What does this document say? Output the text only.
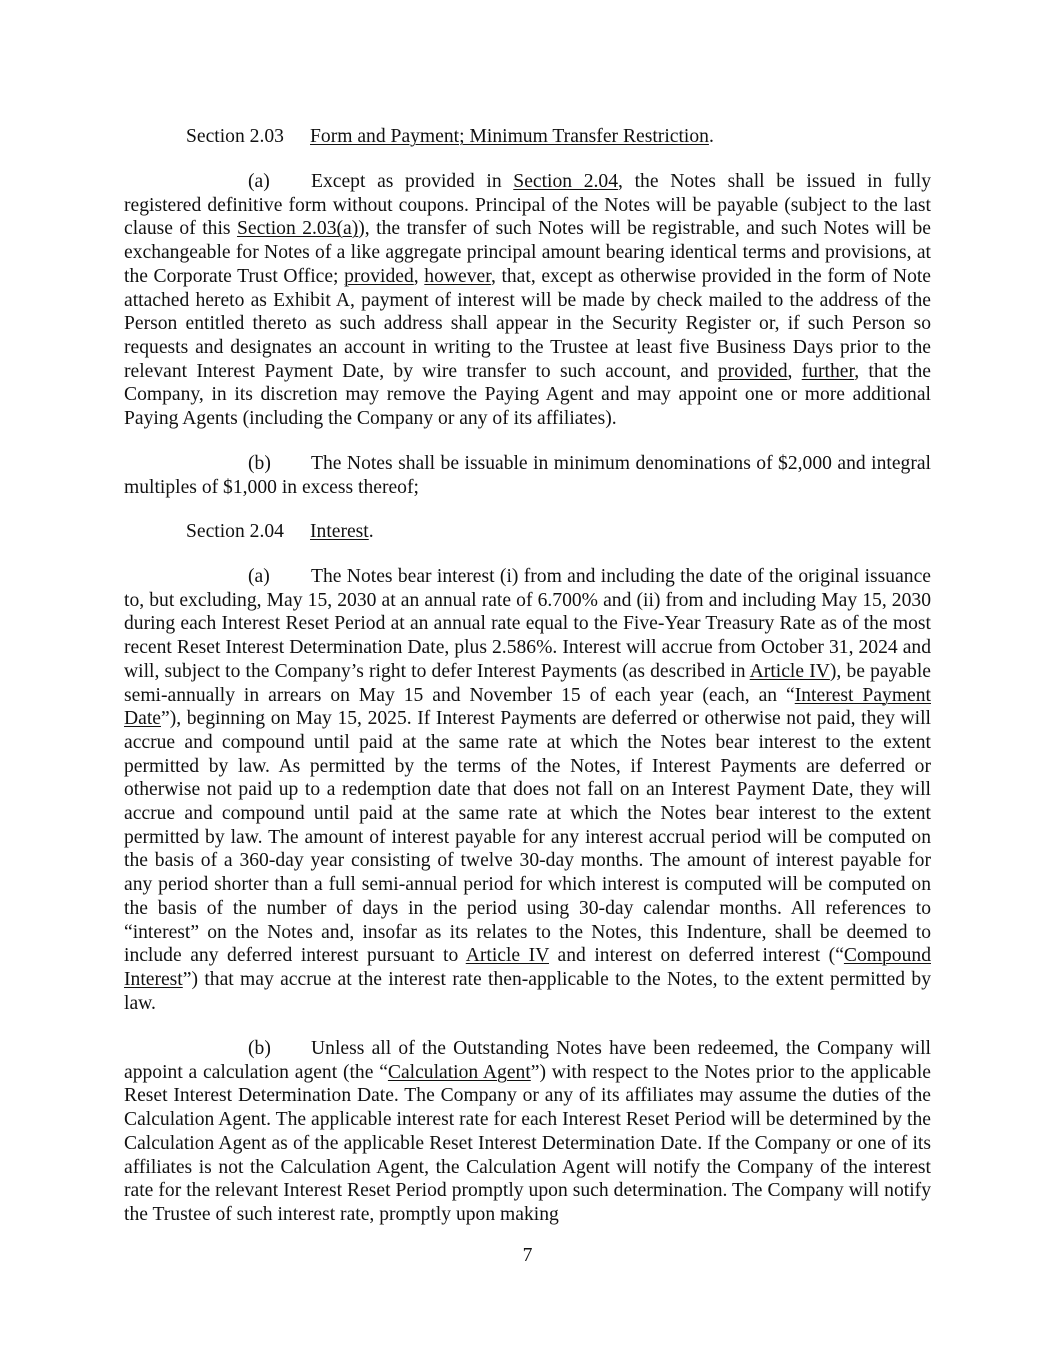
Section 2.03 Form and Payment; Minimum Transfer Restriction.

(a) Except as provided in Section 2.04, the Notes shall be issued in fully registered definitive form without coupons. Principal of the Notes will be payable (subject to the last clause of this Section 2.03(a)), the transfer of such Notes will be registrable, and such Notes will be exchangeable for Notes of a like aggregate principal amount bearing identical terms and provisions, at the Corporate Trust Office; provided, however, that, except as otherwise provided in the form of Note attached hereto as Exhibit A, payment of interest will be made by check mailed to the address of the Person entitled thereto as such address shall appear in the Security Register or, if such Person so requests and designates an account in writing to the Trustee at least five Business Days prior to the relevant Interest Payment Date, by wire transfer to such account, and provided, further, that the Company, in its discretion may remove the Paying Agent and may appoint one or more additional Paying Agents (including the Company or any of its affiliates).

(b) The Notes shall be issuable in minimum denominations of $2,000 and integral multiples of $1,000 in excess thereof;

Section 2.04 Interest.

(a) The Notes bear interest (i) from and including the date of the original issuance to, but excluding, May 15, 2030 at an annual rate of 6.700% and (ii) from and including May 15, 2030 during each Interest Reset Period at an annual rate equal to the Five-Year Treasury Rate as of the most recent Reset Interest Determination Date, plus 2.586%. Interest will accrue from October 31, 2024 and will, subject to the Company’s right to defer Interest Payments (as described in Article IV), be payable semi-annually in arrears on May 15 and November 15 of each year (each, an “Interest Payment Date”), beginning on May 15, 2025. If Interest Payments are deferred or otherwise not paid, they will accrue and compound until paid at the same rate at which the Notes bear interest to the extent permitted by law. As permitted by the terms of the Notes, if Interest Payments are deferred or otherwise not paid up to a redemption date that does not fall on an Interest Payment Date, they will accrue and compound until paid at the same rate at which the Notes bear interest to the extent permitted by law. The amount of interest payable for any interest accrual period will be computed on the basis of a 360-day year consisting of twelve 30-day months. The amount of interest payable for any period shorter than a full semi-annual period for which interest is computed will be computed on the basis of the number of days in the period using 30-day calendar months. All references to “interest” on the Notes and, insofar as its relates to the Notes, this Indenture, shall be deemed to include any deferred interest pursuant to Article IV and interest on deferred interest (“Compound Interest”) that may accrue at the interest rate then-applicable to the Notes, to the extent permitted by law.

(b) Unless all of the Outstanding Notes have been redeemed, the Company will appoint a calculation agent (the “Calculation Agent”) with respect to the Notes prior to the applicable Reset Interest Determination Date. The Company or any of its affiliates may assume the duties of the Calculation Agent. The applicable interest rate for each Interest Reset Period will be determined by the Calculation Agent as of the applicable Reset Interest Determination Date. If the Company or one of its affiliates is not the Calculation Agent, the Calculation Agent will notify the Company of the interest rate for the relevant Interest Reset Period promptly upon such determination. The Company will notify the Trustee of such interest rate, promptly upon making

7
